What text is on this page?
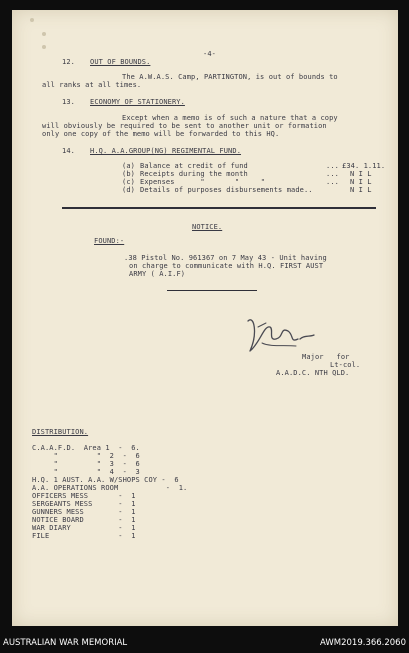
-4-
12. OUT OF BOUNDS.
The A.W.A.S. Camp, PARTINGTON, is out of bounds to
all ranks at all times.
13. ECONOMY OF STATIONERY.
Except when a memo is of such a nature that a copy
will obviously be required to be sent to another unit or formation
only one copy of the memo will be forwarded to this HQ.
14. H.Q. A.A.GROUP(NG) REGIMENTAL FUND.
(a) Balance at credit of fund	... £34. 1.11.
(b) Receipts during the month	... N I L
(c) Expenses      "       "     "	... N I L
(d) Details of purposes disbursements made..	N I L
NOTICE.
FOUND:-
.38 Pistol No. 961367 on 7 May 43 - Unit having
on charge to communicate with H.Q. FIRST AUST
ARMY ( A.I.F)
Major   for
Lt-col.
A.A.D.C. NTH QLD.
DISTRIBUTION.
C.A.A.F.D.  Area 1  -  6.
"         "  2  -  6
"         "  3  -  6
"         "  4  -  3
H.Q. 1 AUST. A.A. W/SHOPS COY -  6
A.A. OPERATIONS ROOM           -  1.
OFFICERS MESS       -  1
SERGEANTS MESS      -  1
GUNNERS MESS        -  1
NOTICE BOARD        -  1
WAR DIARY           -  1
FILE                -  1
AUSTRALIAN WAR MEMORIAL	AWM2019.366.2060
